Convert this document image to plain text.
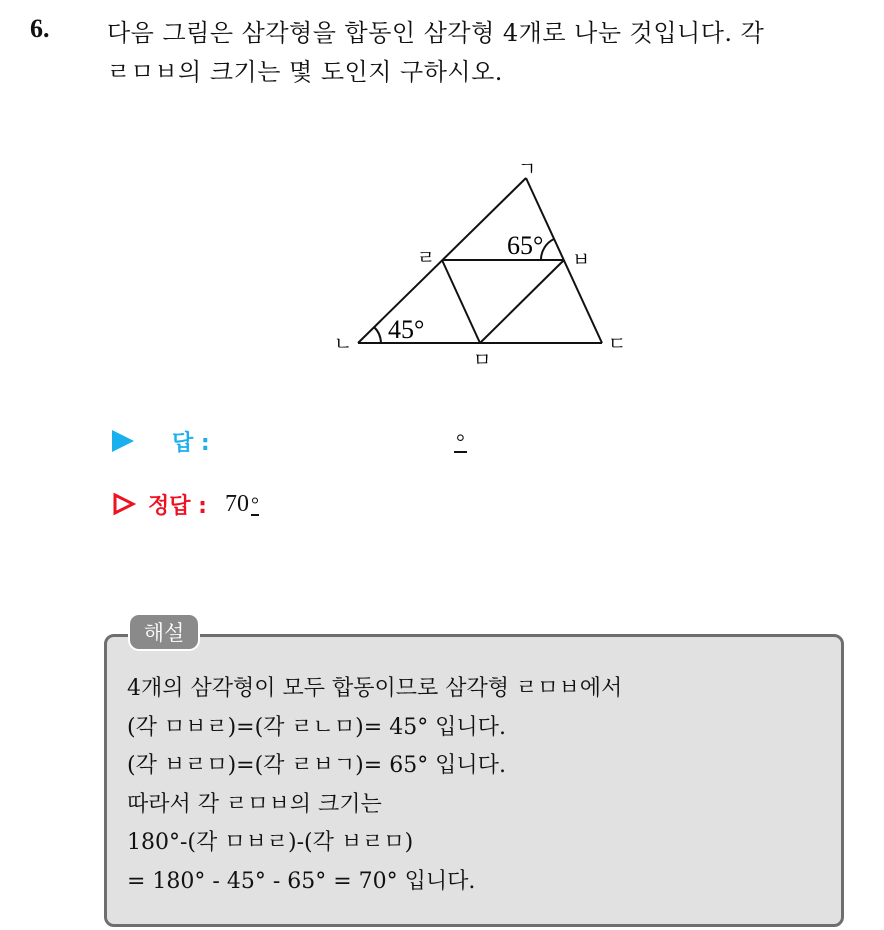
6. 다음 그림은 삼각형을 합동인 삼각형 4개로 나눈 것입니다. 각
ㄹㅁㅂ의 크기는 몇 도인지 구하시오.
ㄱ
ㄹ	ㅂ
ㄴ	ㄷ
ㅁ
65°
45°
답 :	°
정답 : 70 °
해설
4개의 삼각형이 모두 합동이므로 삼각형 ㄹㅁㅂ에서
(각 ㅁㅂㄹ)=(각 ㄹㄴㅁ)= 45° 입니다.
(각 ㅂㄹㅁ)=(각 ㄹㅂㄱ)= 65° 입니다.
따라서 각 ㄹㅁㅂ의 크기는
180°-(각 ㅁㅂㄹ)-(각 ㅂㄹㅁ)
= 180° - 45° - 65° = 70° 입니다.
